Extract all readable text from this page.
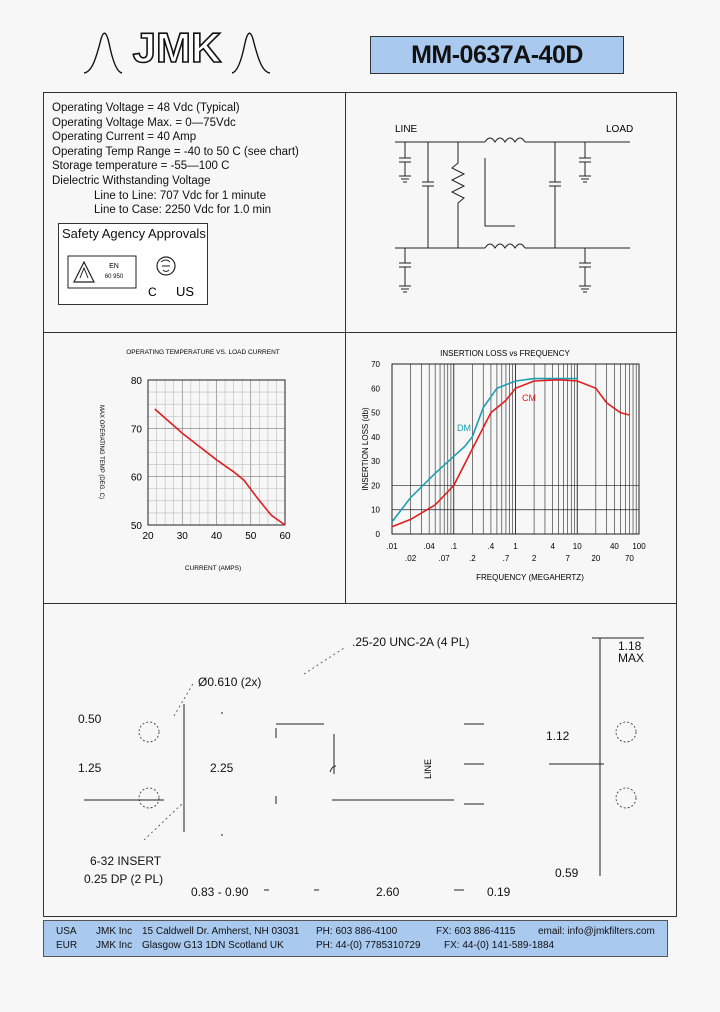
JMK	MM-0637A-40D
Operating Voltage = 48 Vdc (Typical)
Operating Voltage Max. = 0—75Vdc
Operating Current = 40 Amp
Operating Temp Range = -40 to 50 C (see chart)
Storage temperature = -55—100 C
Dielectric Withstanding Voltage
Line to Line: 707 Vdc for 1 minute
Line to Case: 2250 Vdc for 1.0 min
Safety Agency Approvals
EN
60 950
C US
LINE	LOAD
OPERATING TEMPERATURE VS. LOAD CURRENT
20 30 40 50 60
80
70
60
50
CURRENT (AMPS)
MAX OPERATING TEMP (DEG. C)
INSERTION LOSS vs FREQUENCY
.01	.04 .1	.4 1	4 10	40 100
.02	.07 .2	.7	2	7	20	70
70
60
50
40
30
20
10
0
DM
CM
FREQUENCY (MEGAHERTZ)
INSERTION LOSS (db)
.25-20 UNC-2A (4 PL)
Ø0.610 (2x)
0.50
1.25	2.25
1.12
1.18
MAX
6-32 INSERT
0.25 DP (2 PL)
0.83 - 0.90	2.60	0.19
0.59
LINE
USA JMK Inc 15 Caldwell Dr. Amherst, NH 03031 PH: 603 886-4100	FX: 603 886-4115 email: info@jmkfilters.com
EUR JMK Inc Glasgow G13 1DN Scotland UK	PH: 44-(0) 7785310729 FX: 44-(0) 141-589-1884
